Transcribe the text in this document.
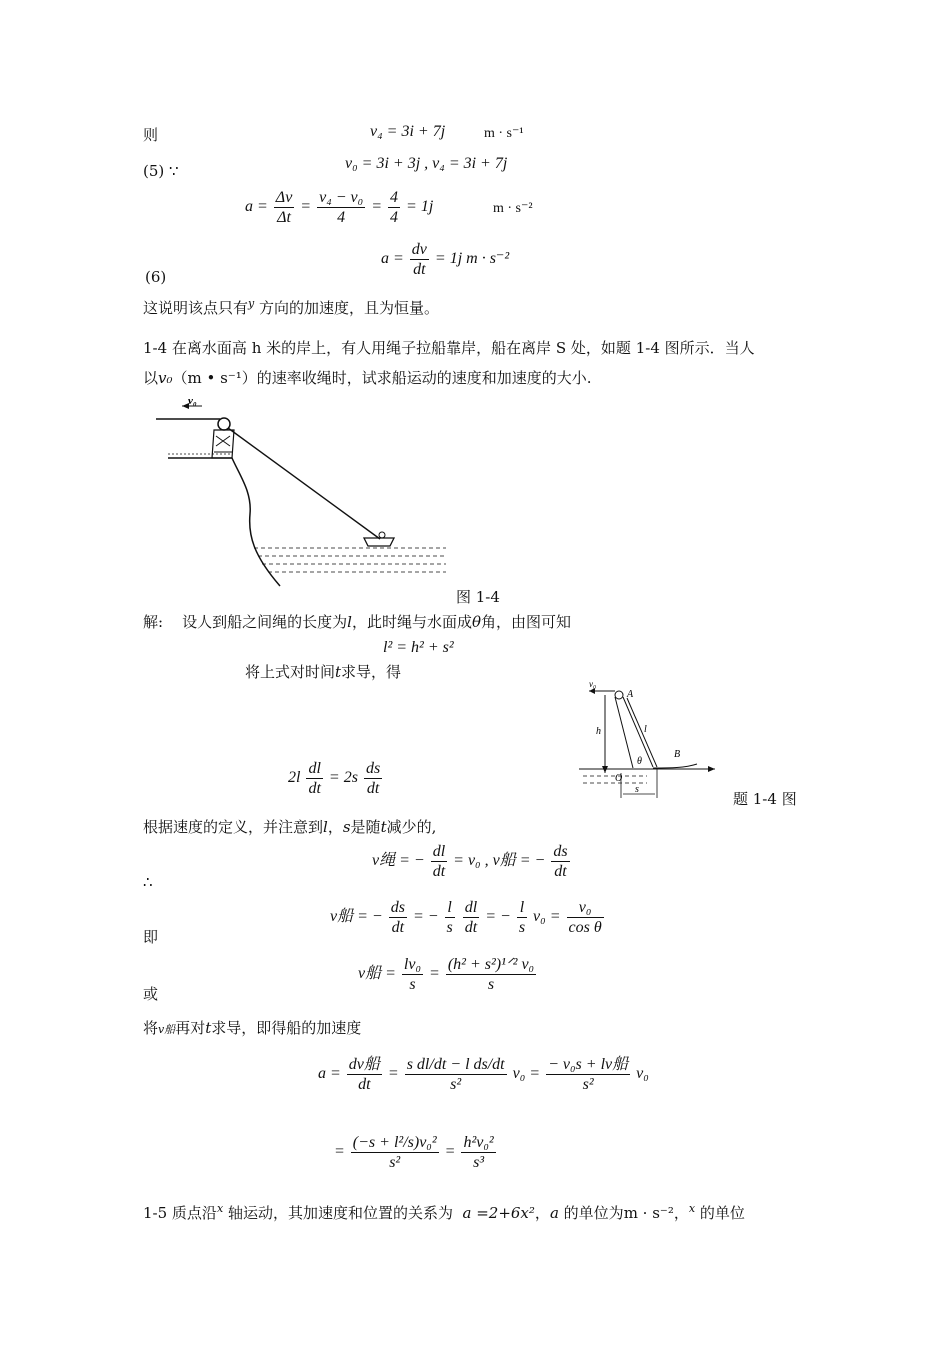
则	v₄ = 3i + 7j	m · s⁻¹
(5) ∵	v₀ = 3i + 3j , v₄ = 3i + 7j
$a = \frac{\Delta v}{\Delta t} = \frac{\text{v₄ − v₀}}{4} = \frac{4}{4} = 1j$	m · s⁻²
$a = \frac{dv}{dt} = 1j$ m · s⁻²
(6)
这说明该点只有$^y$ 方向的加速度，且为恒量。
1-4 在离水面高 h 米的岸上，有人用绳子拉船靠岸，船在离岸 S 处，如题 1-4 图所示．当人
以v₀（m • s⁻¹）的速率收绳时，试求船运动的速度和加速度的大小.
v₀
图 1-4
解: 设人到船之间绳的长度为l，此时绳与水面成θ角，由图可知
l² = h² + s²
将上式对时间t求导，得
$2l \frac{dl}{dt} = 2s \frac{ds}{dt}$
v₀
A
h	l
θ
B
O
s
题 1-4 图
根据速度的定义，并注意到l，s是随t减少的,
∴
v绳 = − $\frac{dl}{dt} = v_0$ , v船 = − $\frac{ds}{dt}$
即
v船 = − $\frac{ds}{dt}$ = − $\frac{l}{s}$
$\frac{dl}{dt}$ = − $\frac{l}{s} v_0 = \frac{\text{v₀}}{\text{cos θ}}$
或
v船 = $\frac{\text{lv₀}}{s} = \frac{\text{(h² + s²)¹ᐟ² v₀}}{s}$
将v船再对t求导，即得船的加速度
$a = \frac{\text{dv船}}{dt} = \frac{\text{s dl/dt − l ds/dt}}{\text{s²}} v_0 = \frac{\text{− v₀s + lv船}}{\text{s²}} v_0$
= $\frac{\text{(−s + l²/s)v₀²}}{\text{s²}} = \frac{\text{h²v₀²}}{\text{s³}}$
1-5 质点沿$^x$ 轴运动，其加速度和位置的关系为 a =2+6x²，a 的单位为m · s⁻²，$^x$ 的单位
